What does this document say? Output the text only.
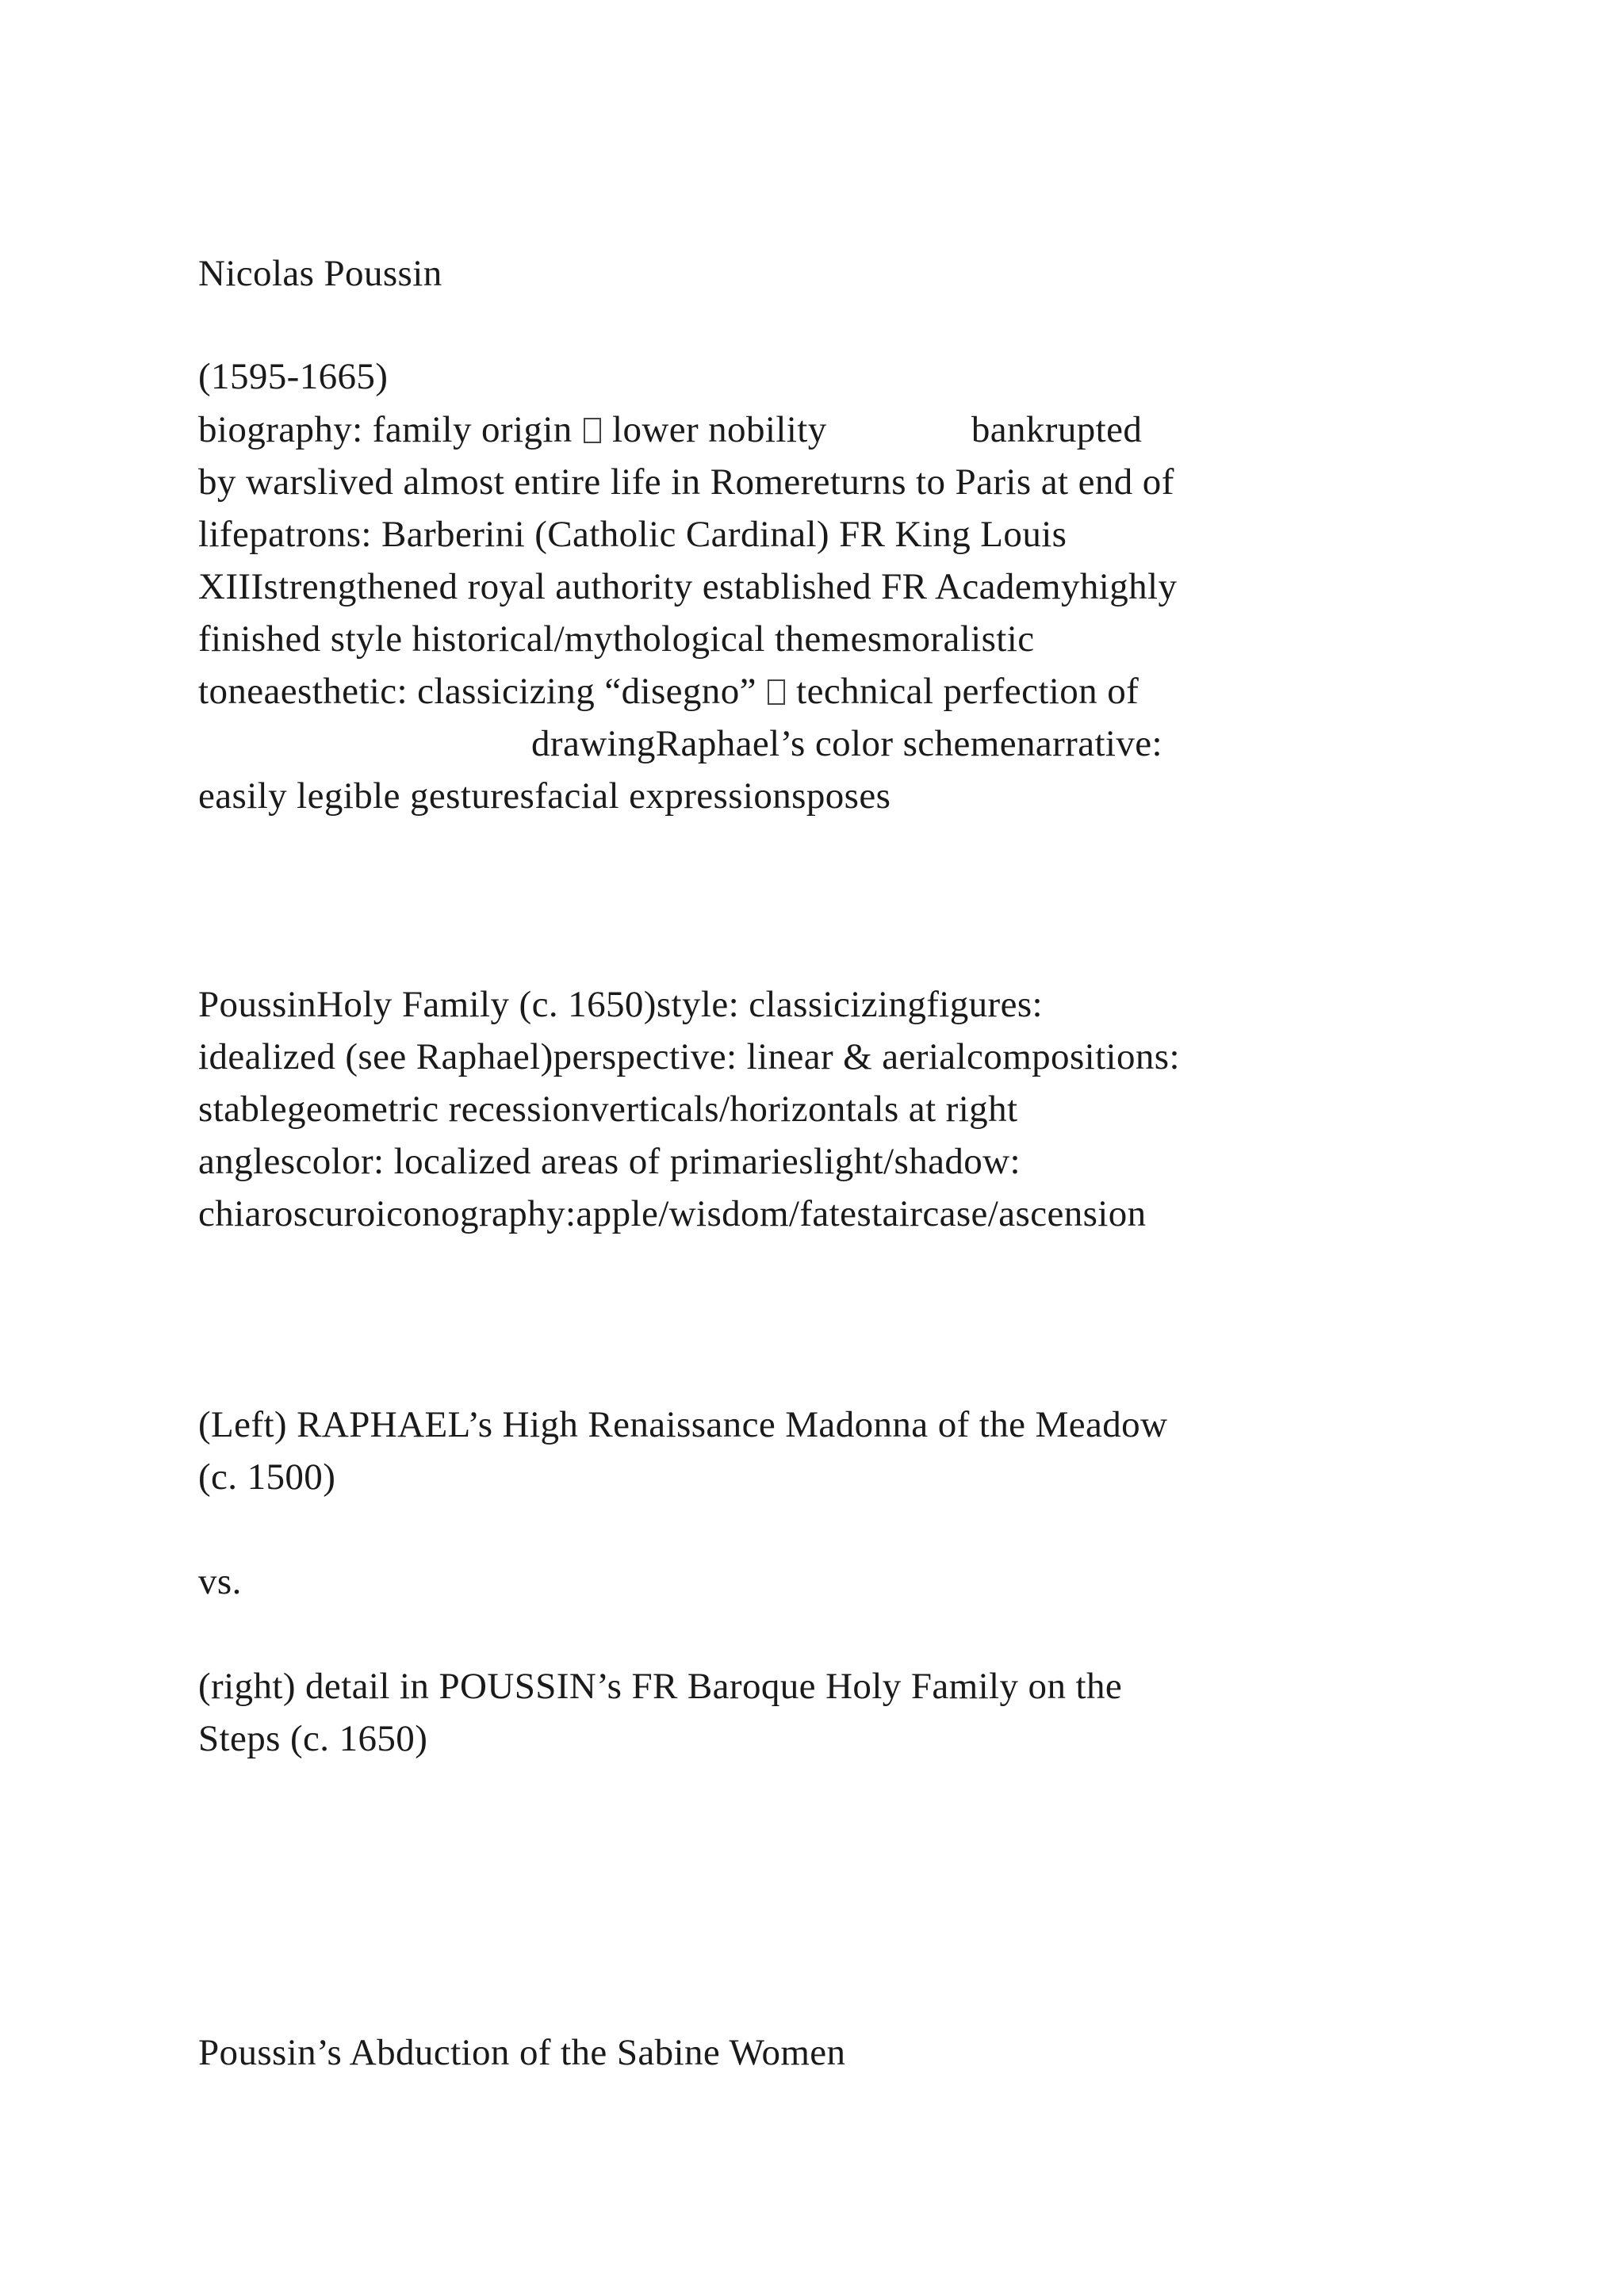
Nicolas Poussin
(1595-1665)
biography: family origin  lower nobility               bankrupted
by warslived almost entire life in Romereturns to Paris at end of
lifepatrons: Barberini (Catholic Cardinal) FR King Louis
XIIIstrengthened royal authority established FR Academyhighly
finished style historical/mythological themesmoralistic
toneaesthetic: classicizing “disegno”  technical perfection of
drawingRaphael’s color schemenarrative:
easily legible gesturesfacial expressionsposes
PoussinHoly Family (c. 1650)style: classicizingfigures:
idealized (see Raphael)perspective: linear & aerialcompositions:
stablegeometric recessionverticals/horizontals at right
anglescolor: localized areas of primarieslight/shadow:
chiaroscuroiconography:apple/wisdom/fatestaircase/ascension
(Left) RAPHAEL’s High Renaissance Madonna of the Meadow
(c. 1500)
vs.
(right) detail in POUSSIN’s FR Baroque Holy Family on the
Steps (c. 1650)
Poussin’s Abduction of the Sabine Women
